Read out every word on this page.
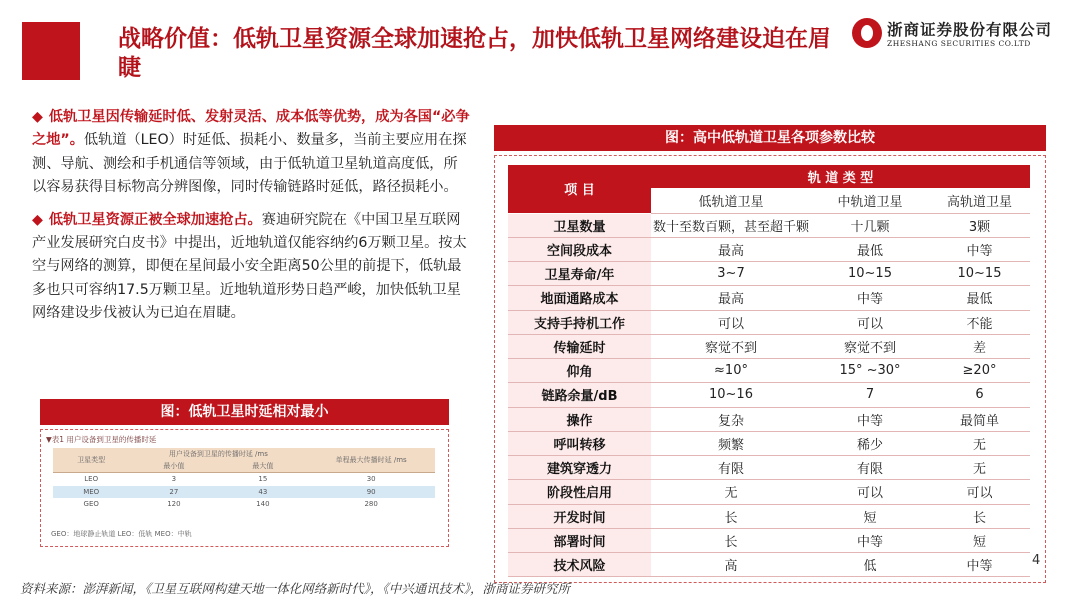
战略价值：低轨卫星资源全球加速抢占，加快低轨卫星网络建设迫在眉睫
浙商证券股份有限公司
ZHESHANG SECURITIES CO.LTD

◆ 低轨卫星因传输延时低、发射灵活、成本低等优势，成为各国“必争之地”。低轨道（LEO）时延低、损耗小、数量多，当前主要应用在探测、导航、测绘和手机通信等领域，由于低轨道卫星轨道高度低，所以容易获得目标物高分辨图像，同时传输链路时延低，路径损耗小。

◆ 低轨卫星资源正被全球加速抢占。赛迪研究院在《中国卫星互联网产业发展研究白皮书》中提出，近地轨道仅能容纳约6万颗卫星。按太空与网络的测算，即便在星间最小安全距离50公里的前提下，低轨最多也只可容纳17.5万颗卫星。近地轨道形势日趋严峻，加快低轨卫星网络建设步伐被认为已迫在眉睫。

图：低轨卫星时延相对最小
▼表1 用户设备到卫星的传播时延
卫星类型	用户设备到卫星的传播时延 /ms		单程最大传播时延 /ms
	最小值	最大值	
LEO	3	15	30
MEO	27	43	90
GEO	120	140	280
GEO：地球静止轨道 LEO：低轨 MEO：中轨
图：高中低轨道卫星各项参数比较
项 目	轨 道 类 型		
	低轨道卫星	中轨道卫星	高轨道卫星
卫星数量	数十至数百颗，甚至超千颗	十几颗	3颗
空间段成本	最高	最低	中等
卫星寿命/年	3~7	10~15	10~15
地面通路成本	最高	中等	最低
支持手持机工作	可以	可以	不能
传输延时	察觉不到	察觉不到	差
仰角	≈10°	15° ~30°	≥20°
链路余量/dB	10~16	7	6
操作	复杂	中等	最简单
呼叫转移	频繁	稀少	无
建筑穿透力	有限	有限	无
阶段性启用	无	可以	可以
开发时间	长	短	长
部署时间	长	中等	短
技术风险	高	低	中等
资料来源：澎湃新闻，《卫星互联网构建天地一体化网络新时代》，《中兴通讯技术》，浙商证券研究所
4
